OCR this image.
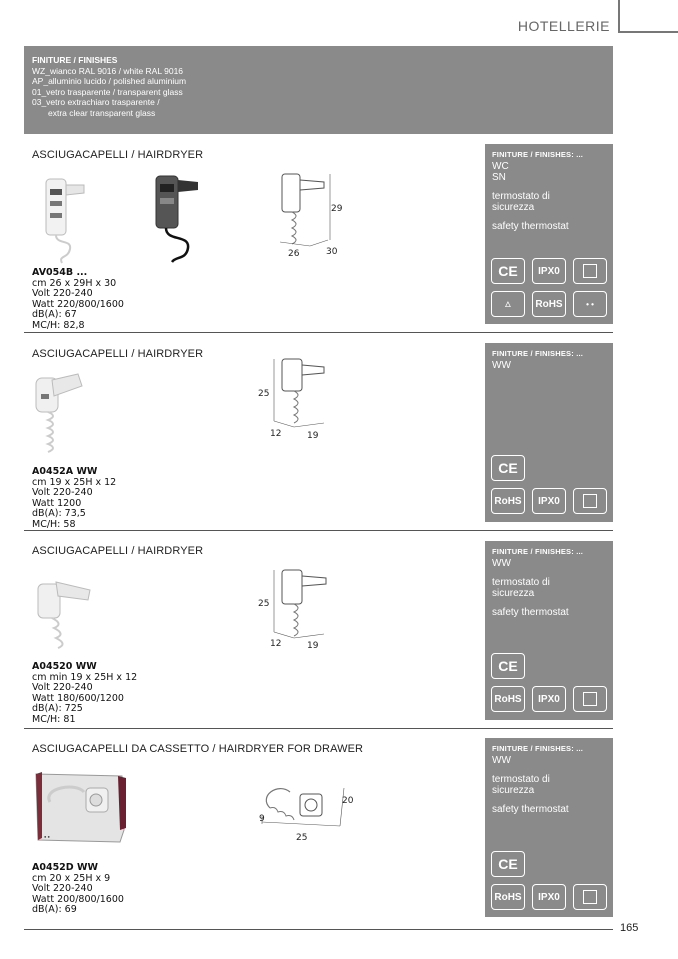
HOTELLERIE
FINITURE / FINISHES
WZ_wianco RAL 9016 / white RAL 9016
AP_alluminio lucido / polished aluminium
01_vetro trasparente / transparent glass
03_vetro extrachiaro trasparente /
extra clear transparent glass
ASCIUGACAPELLI / HAIRDRYER
29
26	30
AV054B ...
cm 26 x 29H x 30
Volt 220-240
Watt 220/800/1600
dB(A): 67
MC/H: 82,8
FINITURE / FINISHES: ...
WC
SN
termostato di
sicurezza
safety thermostat
CE	IPX0
△	RoHS	• •
ASCIUGACAPELLI / HAIRDRYER
25
12	19
A0452A WW
cm 19 x 25H x 12
Volt 220-240
Watt 1200
dB(A): 73,5
MC/H: 58
FINITURE / FINISHES: ...
WW
CE
RoHS	IPX0
ASCIUGACAPELLI / HAIRDRYER
25
12	19
A04520 WW
cm min 19 x 25H x 12
Volt 220-240
Watt 180/600/1200
dB(A): 725
MC/H: 81
FINITURE / FINISHES: ...
WW
termostato di
sicurezza
safety thermostat
CE
RoHS	IPX0
ASCIUGACAPELLI DA CASSETTO / HAIRDRYER FOR DRAWER
● ●
20
9
25
A0452D WW
cm 20 x 25H x 9
Volt 220-240
Watt 200/800/1600
dB(A): 69
FINITURE / FINISHES: ...
WW
termostato di
sicurezza
safety thermostat
CE
RoHS	IPX0
165
